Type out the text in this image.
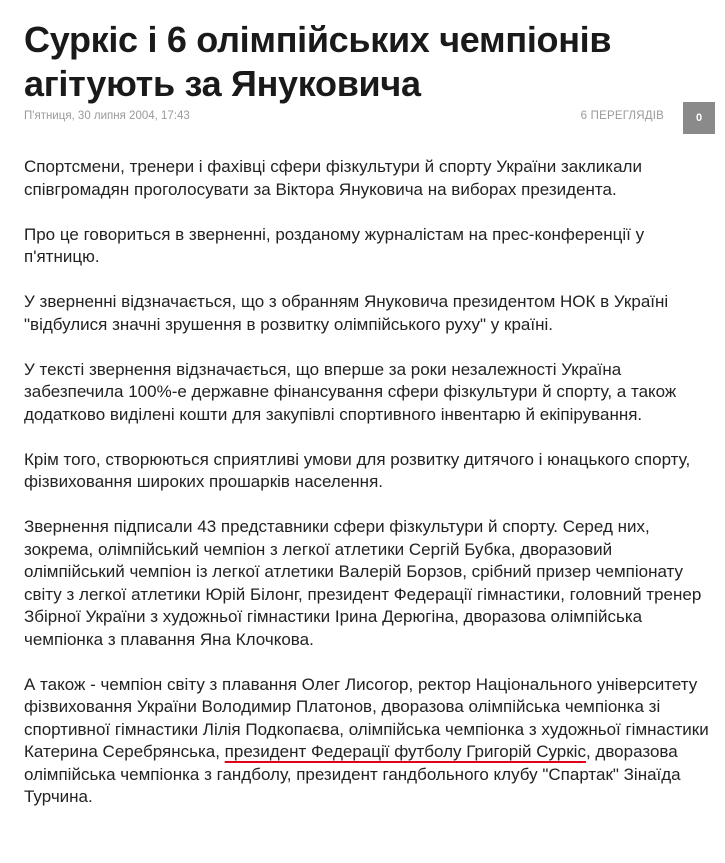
Суркіс і 6 олімпійських чемпіонів агітують за Януковича
П'ятниця, 30 липня 2004, 17:43	6 ПЕРЕГЛЯДІВ	0

Спортсмени, тренери і фахівці сфери фізкультури й спорту України закликали співгромадян проголосувати за Віктора Януковича на виборах президента.

Про це говориться в зверненні, розданому журналістам на прес-конференції у п'ятницю.

У зверненні відзначається, що з обранням Януковича президентом НОК в Україні "відбулися значні зрушення в розвитку олімпійського руху" у країні.

У тексті звернення відзначається, що вперше за роки незалежності Україна забезпечила 100%-е державне фінансування сфери фізкультури й спорту, а також додатково виділені кошти для закупівлі спортивного інвентарю й екіпірування.

Крім того, створюються сприятливі умови для розвитку дитячого і юнацького спорту, фізвиховання широких прошарків населення.

Звернення підписали 43 представники сфери фізкультури й спорту. Серед них, зокрема, олімпійський чемпіон з легкої атлетики Сергій Бубка, дворазовий олімпійський чемпіон із легкої атлетики Валерій Борзов, срібний призер чемпіонату світу з легкої атлетики Юрій Білонг, президент Федерації гімнастики, головний тренер Збірної України з художньої гімнастики Ірина Дерюгіна, дворазова олімпійська чемпіонка з плавання Яна Клочкова.

А також - чемпіон світу з плавання Олег Лисогор, ректор Національного університету фізвиховання України Володимир Платонов, дворазова олімпійська чемпіонка зі спортивної гімнастики Лілія Подкопаєва, олімпійська чемпіонка з художньої гімнастики Катерина Серебрянська, президент Федерації футболу Григорій Суркіс, дворазова олімпійська чемпіонка з гандболу, президент гандбольного клубу "Спартак" Зінаїда Турчина.
